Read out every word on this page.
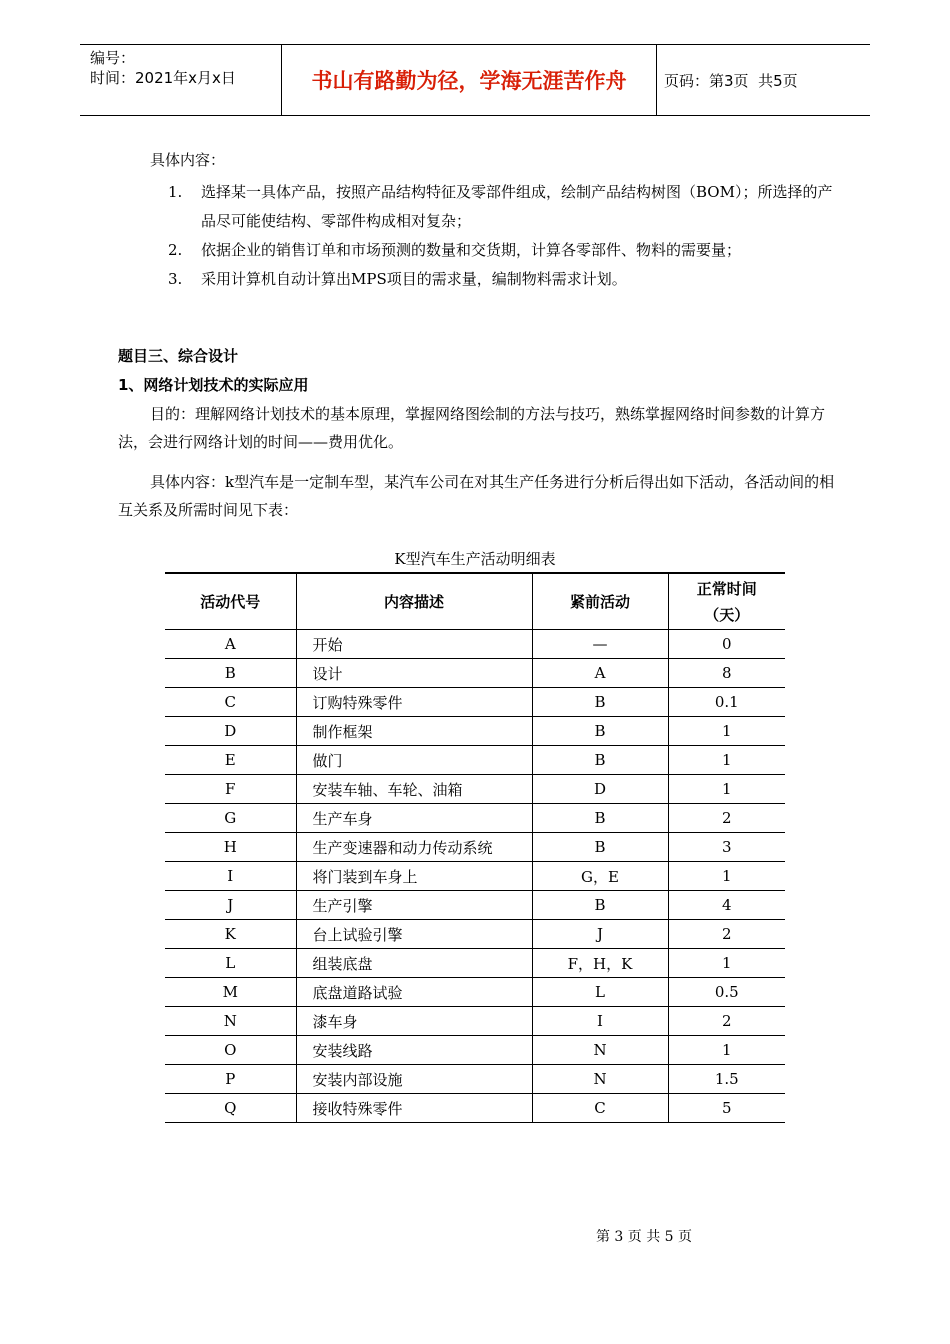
编号：
时间：2021年x月x日	书山有路勤为径，学海无涯苦作舟	页码：第3页  共5页
具体内容：
1.	选择某一具体产品，按照产品结构特征及零部件组成，绘制产品结构树图（BOM）；所选择的产品尽可能使结构、零部件构成相对复杂；
2.	依据企业的销售订单和市场预测的数量和交货期，计算各零部件、物料的需要量；
3.	采用计算机自动计算出MPS项目的需求量，编制物料需求计划。
题目三、综合设计
1、网络计划技术的实际应用
目的：理解网络计划技术的基本原理，掌握网络图绘制的方法与技巧，熟练掌握网络时间参数的计算方法，会进行网络计划的时间——费用优化。
具体内容：k型汽车是一定制车型，某汽车公司在对其生产任务进行分析后得出如下活动，各活动间的相互关系及所需时间见下表：
K型汽车生产活动明细表
活动代号	内容描述	紧前活动	正常时间
（天）

A	开始	—	0
B	设计	A	8
C	订购特殊零件	B	0.1
D	制作框架	B	1
E	做门	B	1
F	安装车轴、车轮、油箱	D	1
G	生产车身	B	2
H	生产变速器和动力传动系统	B	3
I	将门装到车身上	G，E	1
J	生产引擎	B	4
K	台上试验引擎	J	2
L	组装底盘	F，H，K	1
M	底盘道路试验	L	0.5
N	漆车身	I	2
O	安装线路	N	1
P	安装内部设施	N	1.5
Q	接收特殊零件	C	5
第 3 页 共 5 页
